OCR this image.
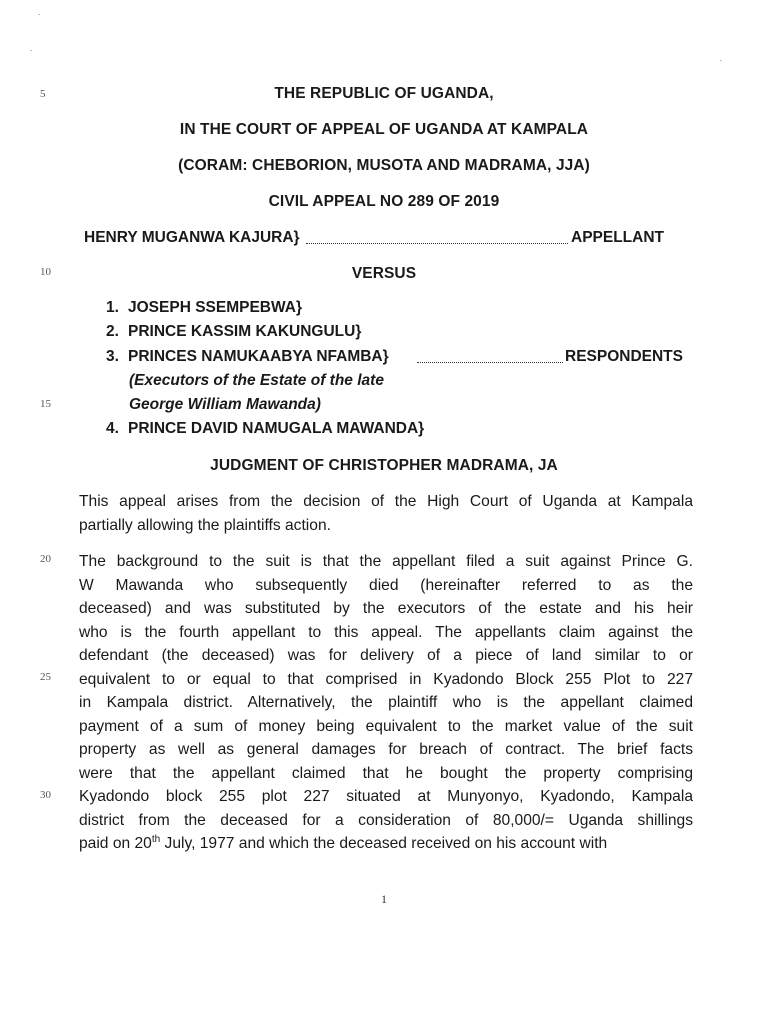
5
10
15
20
25
30
THE REPUBLIC OF UGANDA,
IN THE COURT OF APPEAL OF UGANDA AT KAMPALA
(CORAM: CHEBORION, MUSOTA AND MADRAMA, JJA)
CIVIL APPEAL NO 289 OF 2019
HENRY MUGANWA KAJURA}	APPELLANT
VERSUS
1. JOSEPH SSEMPEBWA}
2. PRINCE KASSIM KAKUNGULU}
3. PRINCES NAMUKAABYA NFAMBA}	RESPONDENTS
(Executors of the Estate of the late
George William Mawanda)
4. PRINCE DAVID NAMUGALA MAWANDA}
JUDGMENT OF CHRISTOPHER MADRAMA, JA
This appeal arises from the decision of the High Court of Uganda at Kampala
partially allowing the plaintiffs action.
The background to the suit is that the appellant filed a suit against Prince G.
W Mawanda who subsequently died (hereinafter referred to as the
deceased) and was substituted by the executors of the estate and his heir
who is the fourth appellant to this appeal. The appellants claim against the
defendant (the deceased) was for delivery of a piece of land similar to or
equivalent to or equal to that comprised in Kyadondo Block 255 Plot to 227
in Kampala district. Alternatively, the plaintiff who is the appellant claimed
payment of a sum of money being equivalent to the market value of the suit
property as well as general damages for breach of contract. The brief facts
were that the appellant claimed that he bought the property comprising
Kyadondo block 255 plot 227 situated at Munyonyo, Kyadondo, Kampala
district from the deceased for a consideration of 80,000/= Uganda shillings
paid on 20th July, 1977 and which the deceased received on his account with
1
